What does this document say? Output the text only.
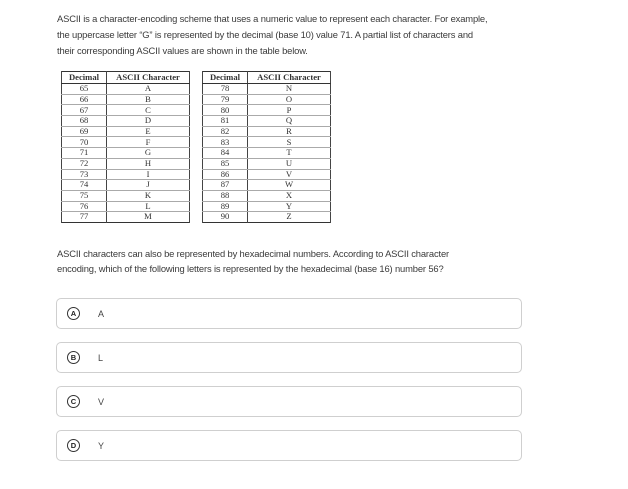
ASCII is a character-encoding scheme that uses a numeric value to represent each character. For example,

the uppercase letter “G” is represented by the decimal (base 10) value 71. A partial list of characters and

their corresponding ASCII values are shown in the table below.

Decimal	ASCII Character
65	A
66	B
67	C
68	D
69	E
70	F
71	G
72	H
73	I
74	J
75	K
76	L
77	M
Decimal	ASCII Character
78	N
79	O
80	P
81	Q
82	R
83	S
84	T
85	U
86	V
87	W
88	X
89	Y
90	Z

ASCII characters can also be represented by hexadecimal numbers. According to ASCII character

encoding, which of the following letters is represented by the hexadecimal (base 16) number 56?

A	A
B	L
C	V
D	Y
